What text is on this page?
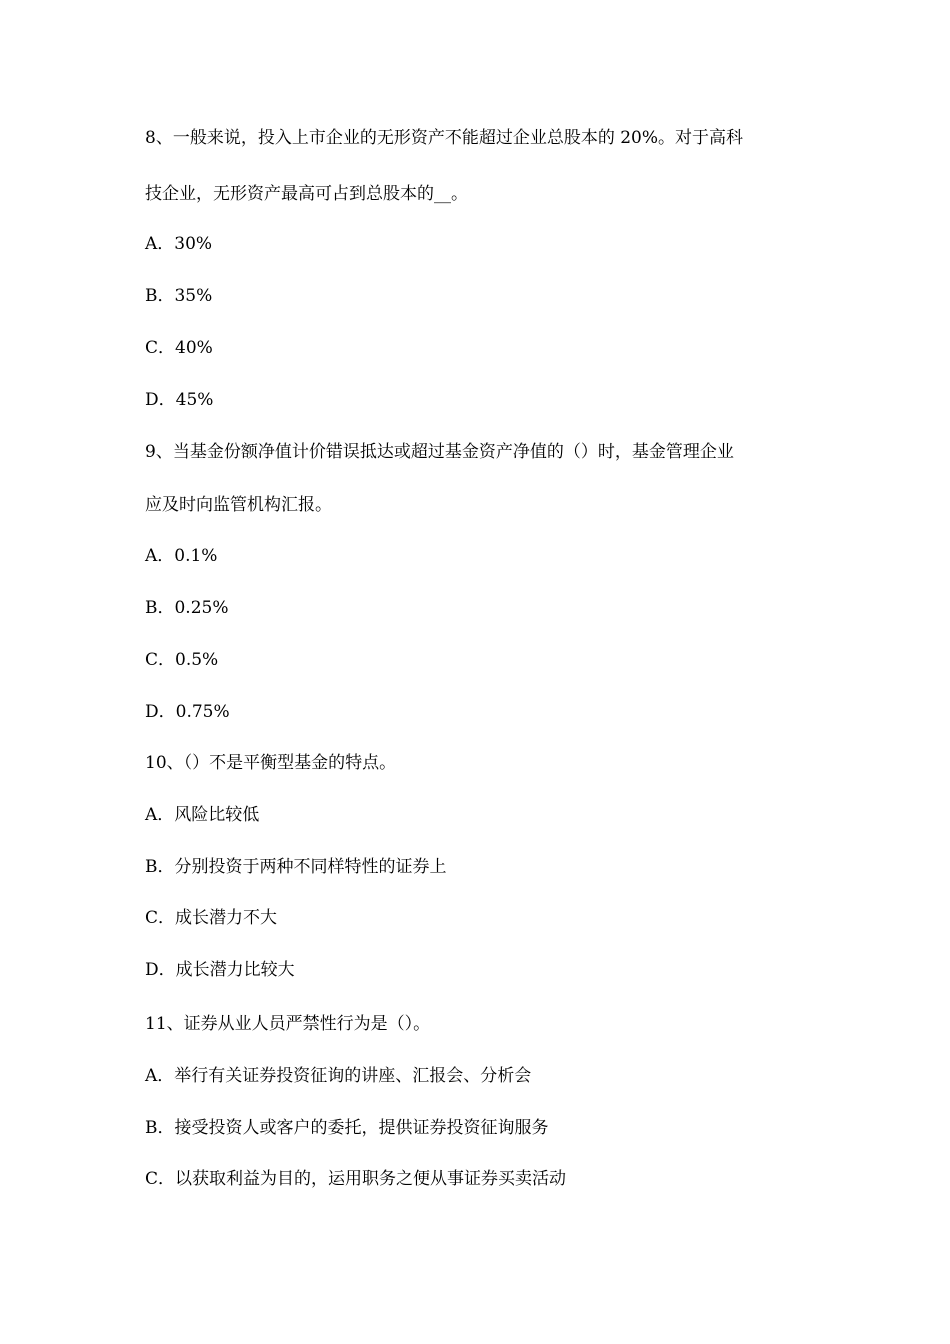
8、一般来说，投入上市企业的无形资产不能超过企业总股本的 20%。对于高科
技企业，无形资产最高可占到总股本的__。
A．30%
B．35%
C．40%
D．45%
9、当基金份额净值计价错误抵达或超过基金资产净值的（）时，基金管理企业
应及时向监管机构汇报。
A．0.1%
B．0.25%
C．0.5%
D．0.75%
10、（）不是平衡型基金的特点。
A．风险比较低
B．分别投资于两种不同样特性的证券上
C．成长潜力不大
D．成长潜力比较大
11、证券从业人员严禁性行为是（）。
A．举行有关证券投资征询的讲座、汇报会、分析会
B．接受投资人或客户的委托，提供证券投资征询服务
C．以获取利益为目的，运用职务之便从事证券买卖活动
